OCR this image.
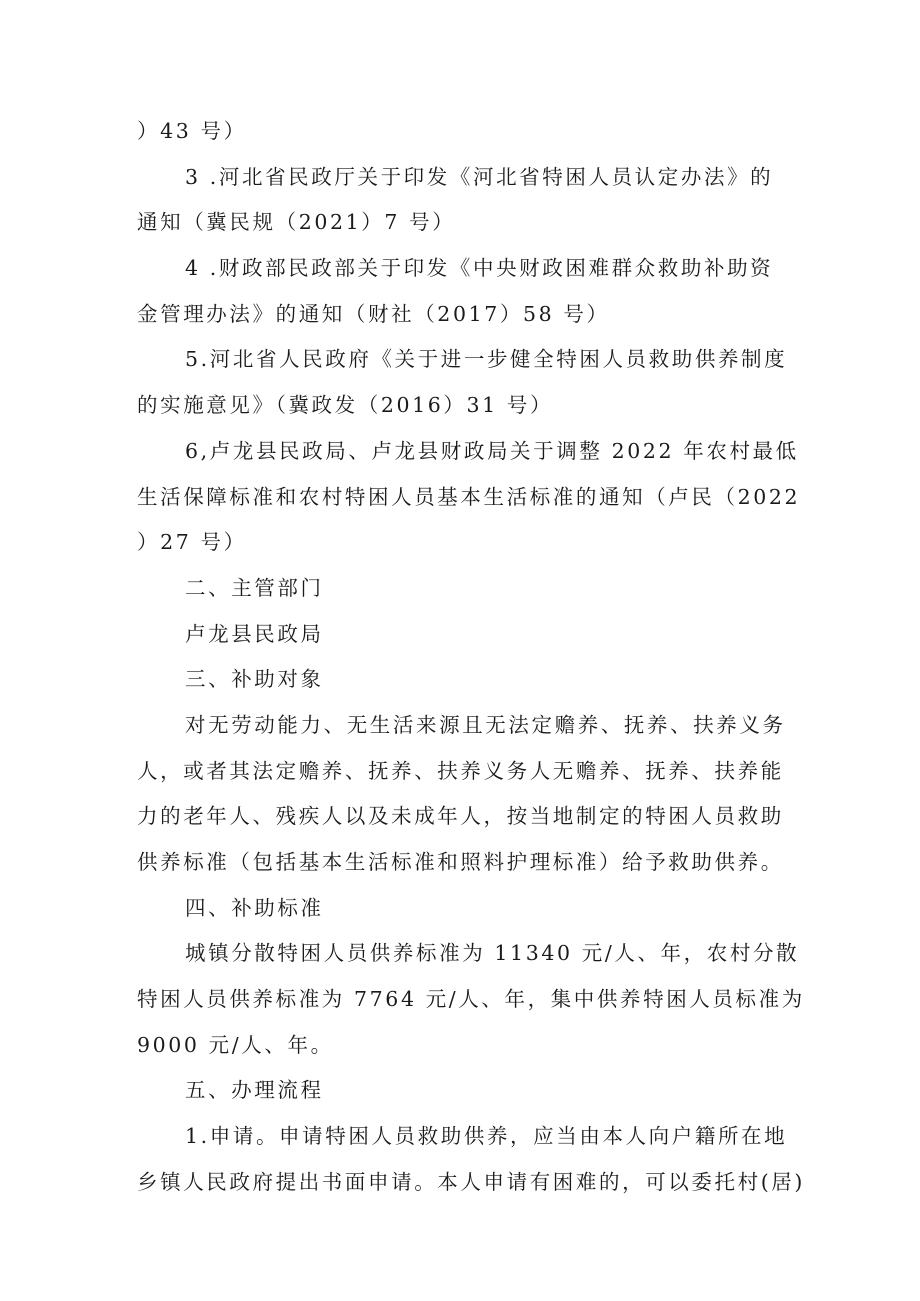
）43 号）
3 .河北省民政厅关于印发《河北省特困人员认定办法》的
通知（冀民规（2021）7 号）
4 .财政部民政部关于印发《中央财政困难群众救助补助资
金管理办法》的通知（财社（2017）58 号）
5.河北省人民政府《关于进一步健全特困人员救助供养制度
的实施意见》（冀政发（2016）31 号）
6,卢龙县民政局、卢龙县财政局关于调整 2022 年农村最低
生活保障标准和农村特困人员基本生活标准的通知（卢民（2022
）27 号）
二、主管部门
卢龙县民政局
三、补助对象
对无劳动能力、无生活来源且无法定赡养、抚养、扶养义务
人，或者其法定赡养、抚养、扶养义务人无赡养、抚养、扶养能
力的老年人、残疾人以及未成年人，按当地制定的特困人员救助
供养标准（包括基本生活标准和照料护理标准）给予救助供养。
四、补助标准
城镇分散特困人员供养标准为 11340 元/人、年，农村分散
特困人员供养标准为 7764 元/人、年，集中供养特困人员标准为
9000 元/人、年。
五、办理流程
1.申请。申请特困人员救助供养，应当由本人向户籍所在地
乡镇人民政府提出书面申请。本人申请有困难的，可以委托村(居)
